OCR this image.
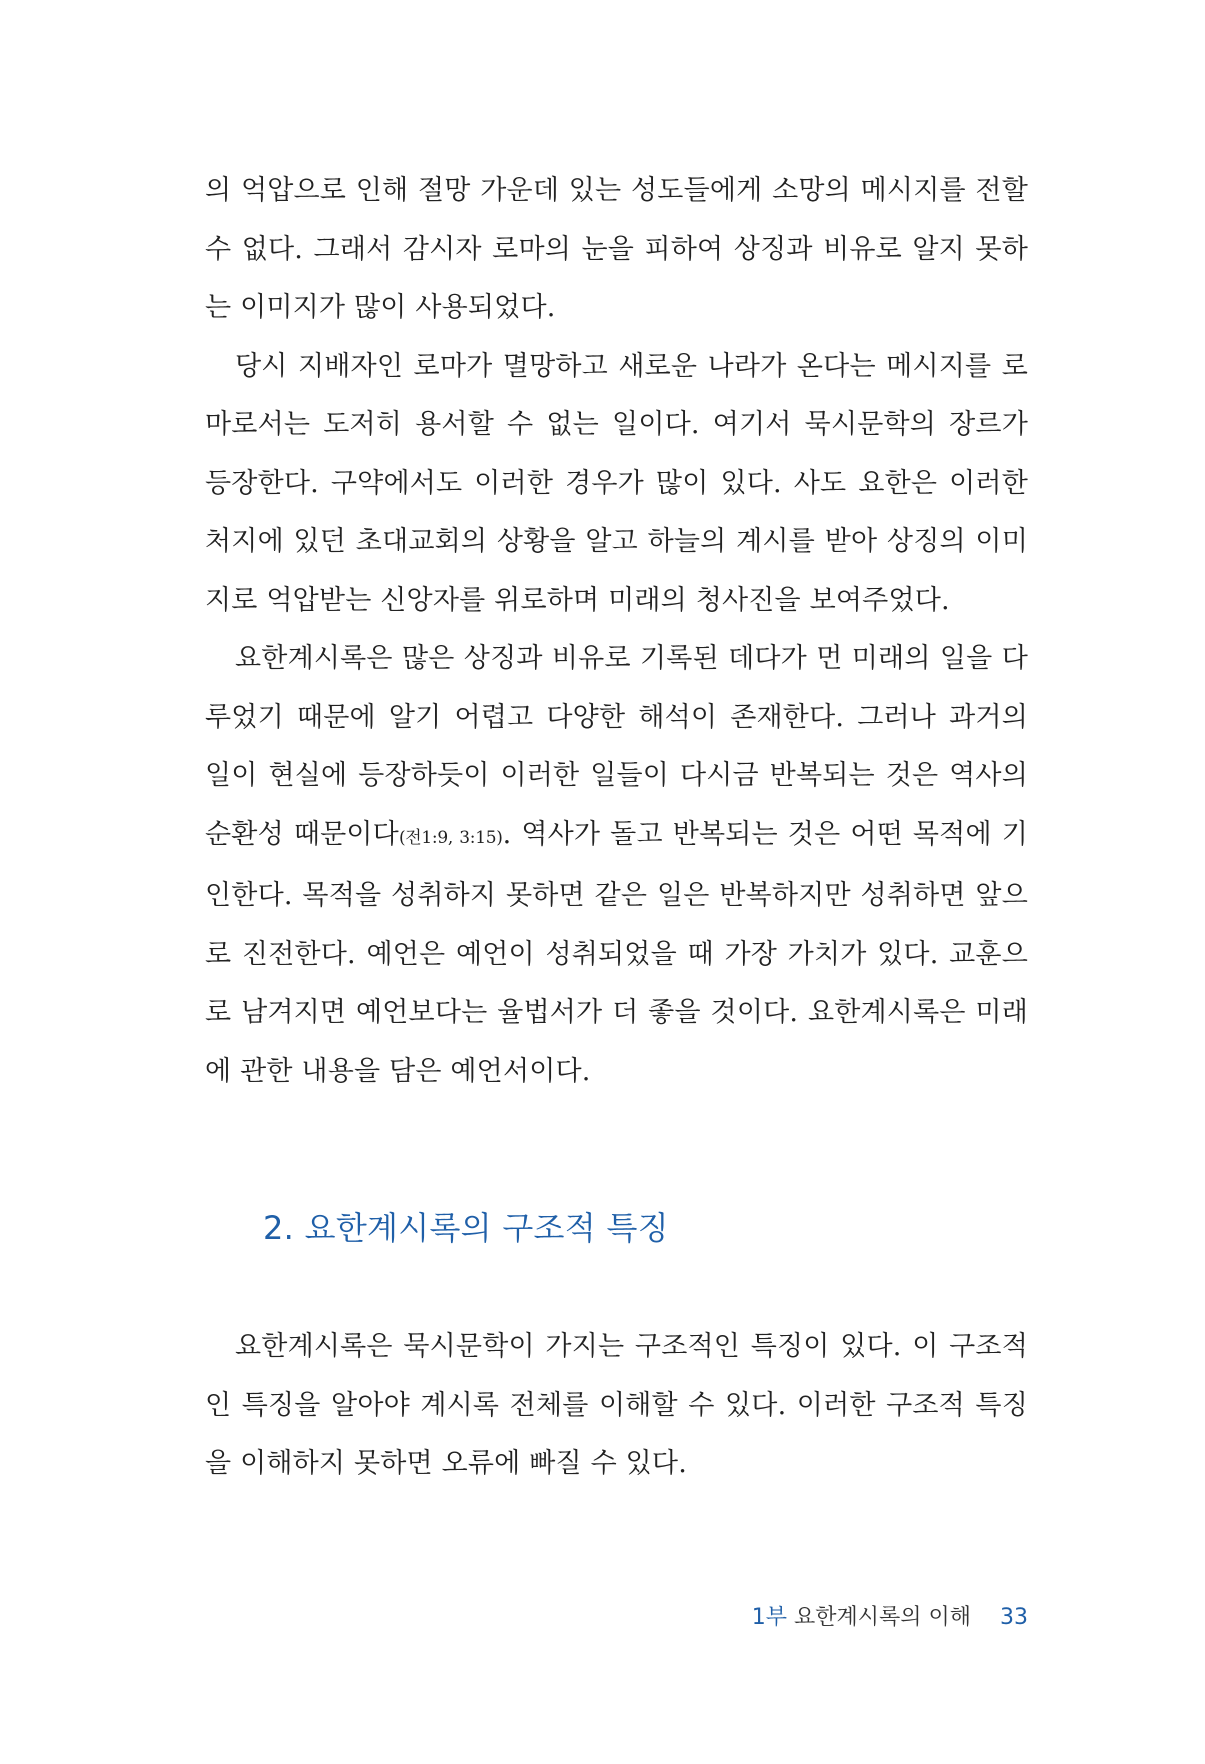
의 억압으로 인해 절망 가운데 있는 성도들에게 소망의 메시지를 전할 수 없다. 그래서 감시자 로마의 눈을 피하여 상징과 비유로 알지 못하는 이미지가 많이 사용되었다.

당시 지배자인 로마가 멸망하고 새로운 나라가 온다는 메시지를 로마로서는 도저히 용서할 수 없는 일이다. 여기서 묵시문학의 장르가 등장한다. 구약에서도 이러한 경우가 많이 있다. 사도 요한은 이러한 처지에 있던 초대교회의 상황을 알고 하늘의 계시를 받아 상징의 이미지로 억압받는 신앙자를 위로하며 미래의 청사진을 보여주었다.

요한계시록은 많은 상징과 비유로 기록된 데다가 먼 미래의 일을 다루었기 때문에 알기 어렵고 다양한 해석이 존재한다. 그러나 과거의 일이 현실에 등장하듯이 이러한 일들이 다시금 반복되는 것은 역사의 순환성 때문이다(전1:9, 3:15). 역사가 돌고 반복되는 것은 어떤 목적에 기인한다. 목적을 성취하지 못하면 같은 일은 반복하지만 성취하면 앞으로 진전한다. 예언은 예언이 성취되었을 때 가장 가치가 있다. 교훈으로 남겨지면 예언보다는 율법서가 더 좋을 것이다. 요한계시록은 미래에 관한 내용을 담은 예언서이다.

2. 요한계시록의 구조적 특징

요한계시록은 묵시문학이 가지는 구조적인 특징이 있다. 이 구조적인 특징을 알아야 계시록 전체를 이해할 수 있다. 이러한 구조적 특징을 이해하지 못하면 오류에 빠질 수 있다.

1부 요한계시록의 이해 33
